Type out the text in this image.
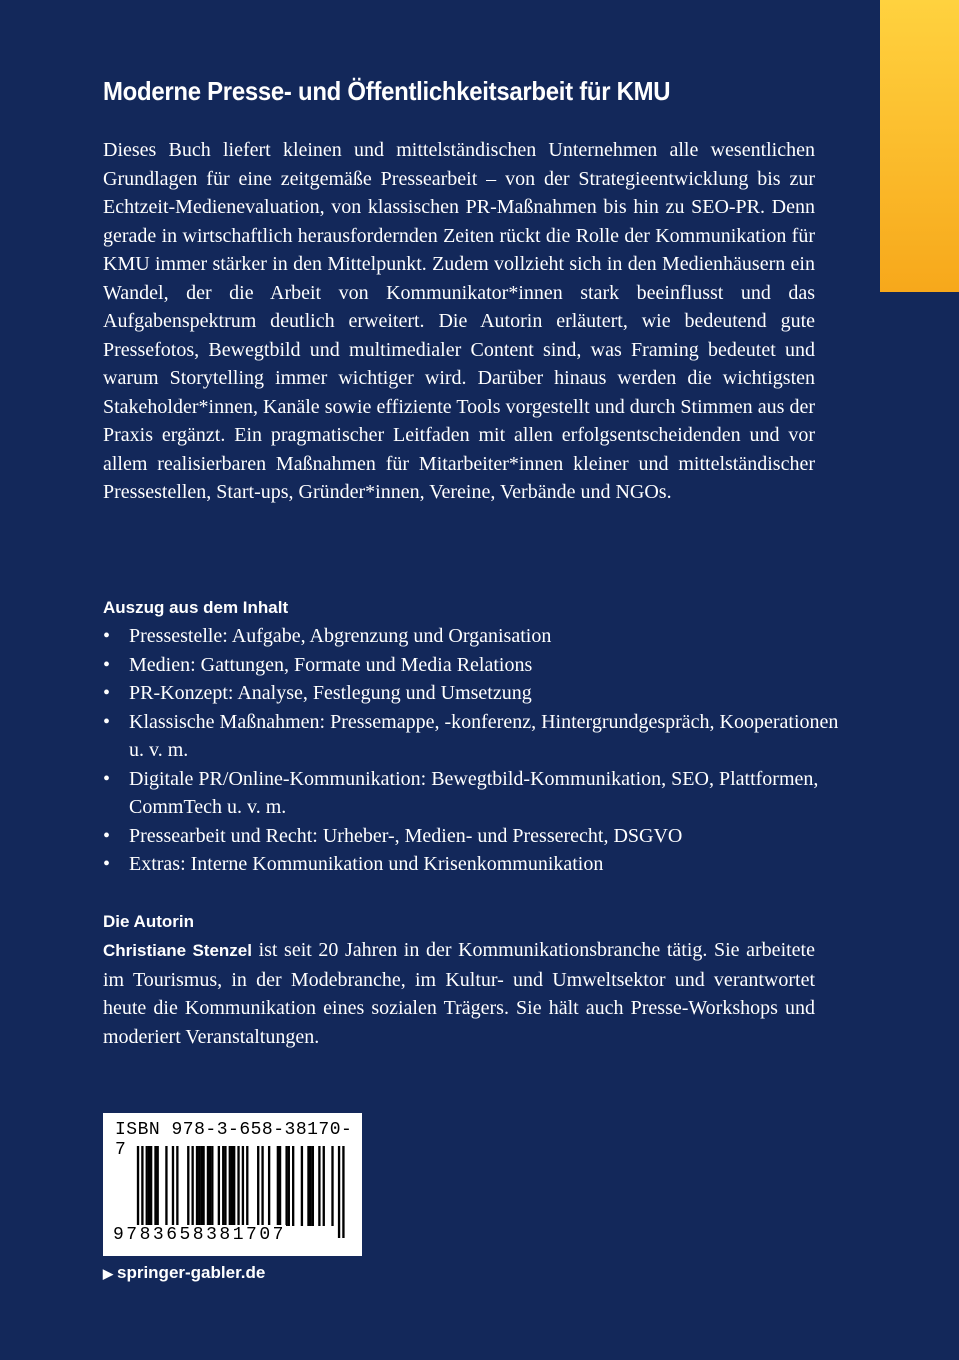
Moderne Presse- und Öffentlichkeitsarbeit für KMU

Dieses Buch liefert kleinen und mittelständischen Unternehmen alle wesentlichen Grundlagen für eine zeitgemäße Pressearbeit – von der Strategieentwicklung bis zur Echtzeit-Medienevaluation, von klassischen PR-Maßnahmen bis hin zu SEO-PR. Denn gerade in wirtschaftlich herausfordernden Zeiten rückt die Rolle der Kommunikation für KMU immer stärker in den Mittelpunkt. Zudem vollzieht sich in den Medienhäusern ein Wandel, der die Arbeit von Kommunikator*innen stark beeinflusst und das Aufgabenspektrum deutlich erweitert. Die Autorin erläutert, wie bedeutend gute Pressefotos, Bewegtbild und multimedialer Content sind, was Framing bedeutet und warum Storytelling immer wichtiger wird. Darüber hinaus werden die wichtigsten Stakeholder*innen, Kanäle sowie effiziente Tools vorgestellt und durch Stimmen aus der Praxis ergänzt. Ein pragmatischer Leitfaden mit allen erfolgsentscheidenden und vor allem realisierbaren Maßnahmen für Mitarbeiter*innen kleiner und mittelständischer Pressestellen, Start-ups, Gründer*innen, Vereine, Verbände und NGOs.

Auszug aus dem Inhalt
• Pressestelle: Aufgabe, Abgrenzung und Organisation
• Medien: Gattungen, Formate und Media Relations
• PR-Konzept: Analyse, Festlegung und Umsetzung
• Klassische Maßnahmen: Pressemappe, -konferenz, Hintergrundgespräch, Kooperationen u. v. m.
• Digitale PR/Online-Kommunikation: Bewegtbild-Kommunikation, SEO, Plattformen, CommTech u. v. m.
• Pressearbeit und Recht: Urheber-, Medien- und Presserecht, DSGVO
• Extras: Interne Kommunikation und Krisenkommunikation
Die Autorin

Christiane Stenzel ist seit 20 Jahren in der Kommunikationsbranche tätig. Sie arbeitete im Tourismus, in der Modebranche, im Kultur- und Umweltsektor und verantwortet heute die Kommunikation eines sozialen Trägers. Sie hält auch Presse-Workshops und moderiert Veranstaltungen.

ISBN 978-3-658-38170-7
9783658381707
▶ springer-gabler.de
